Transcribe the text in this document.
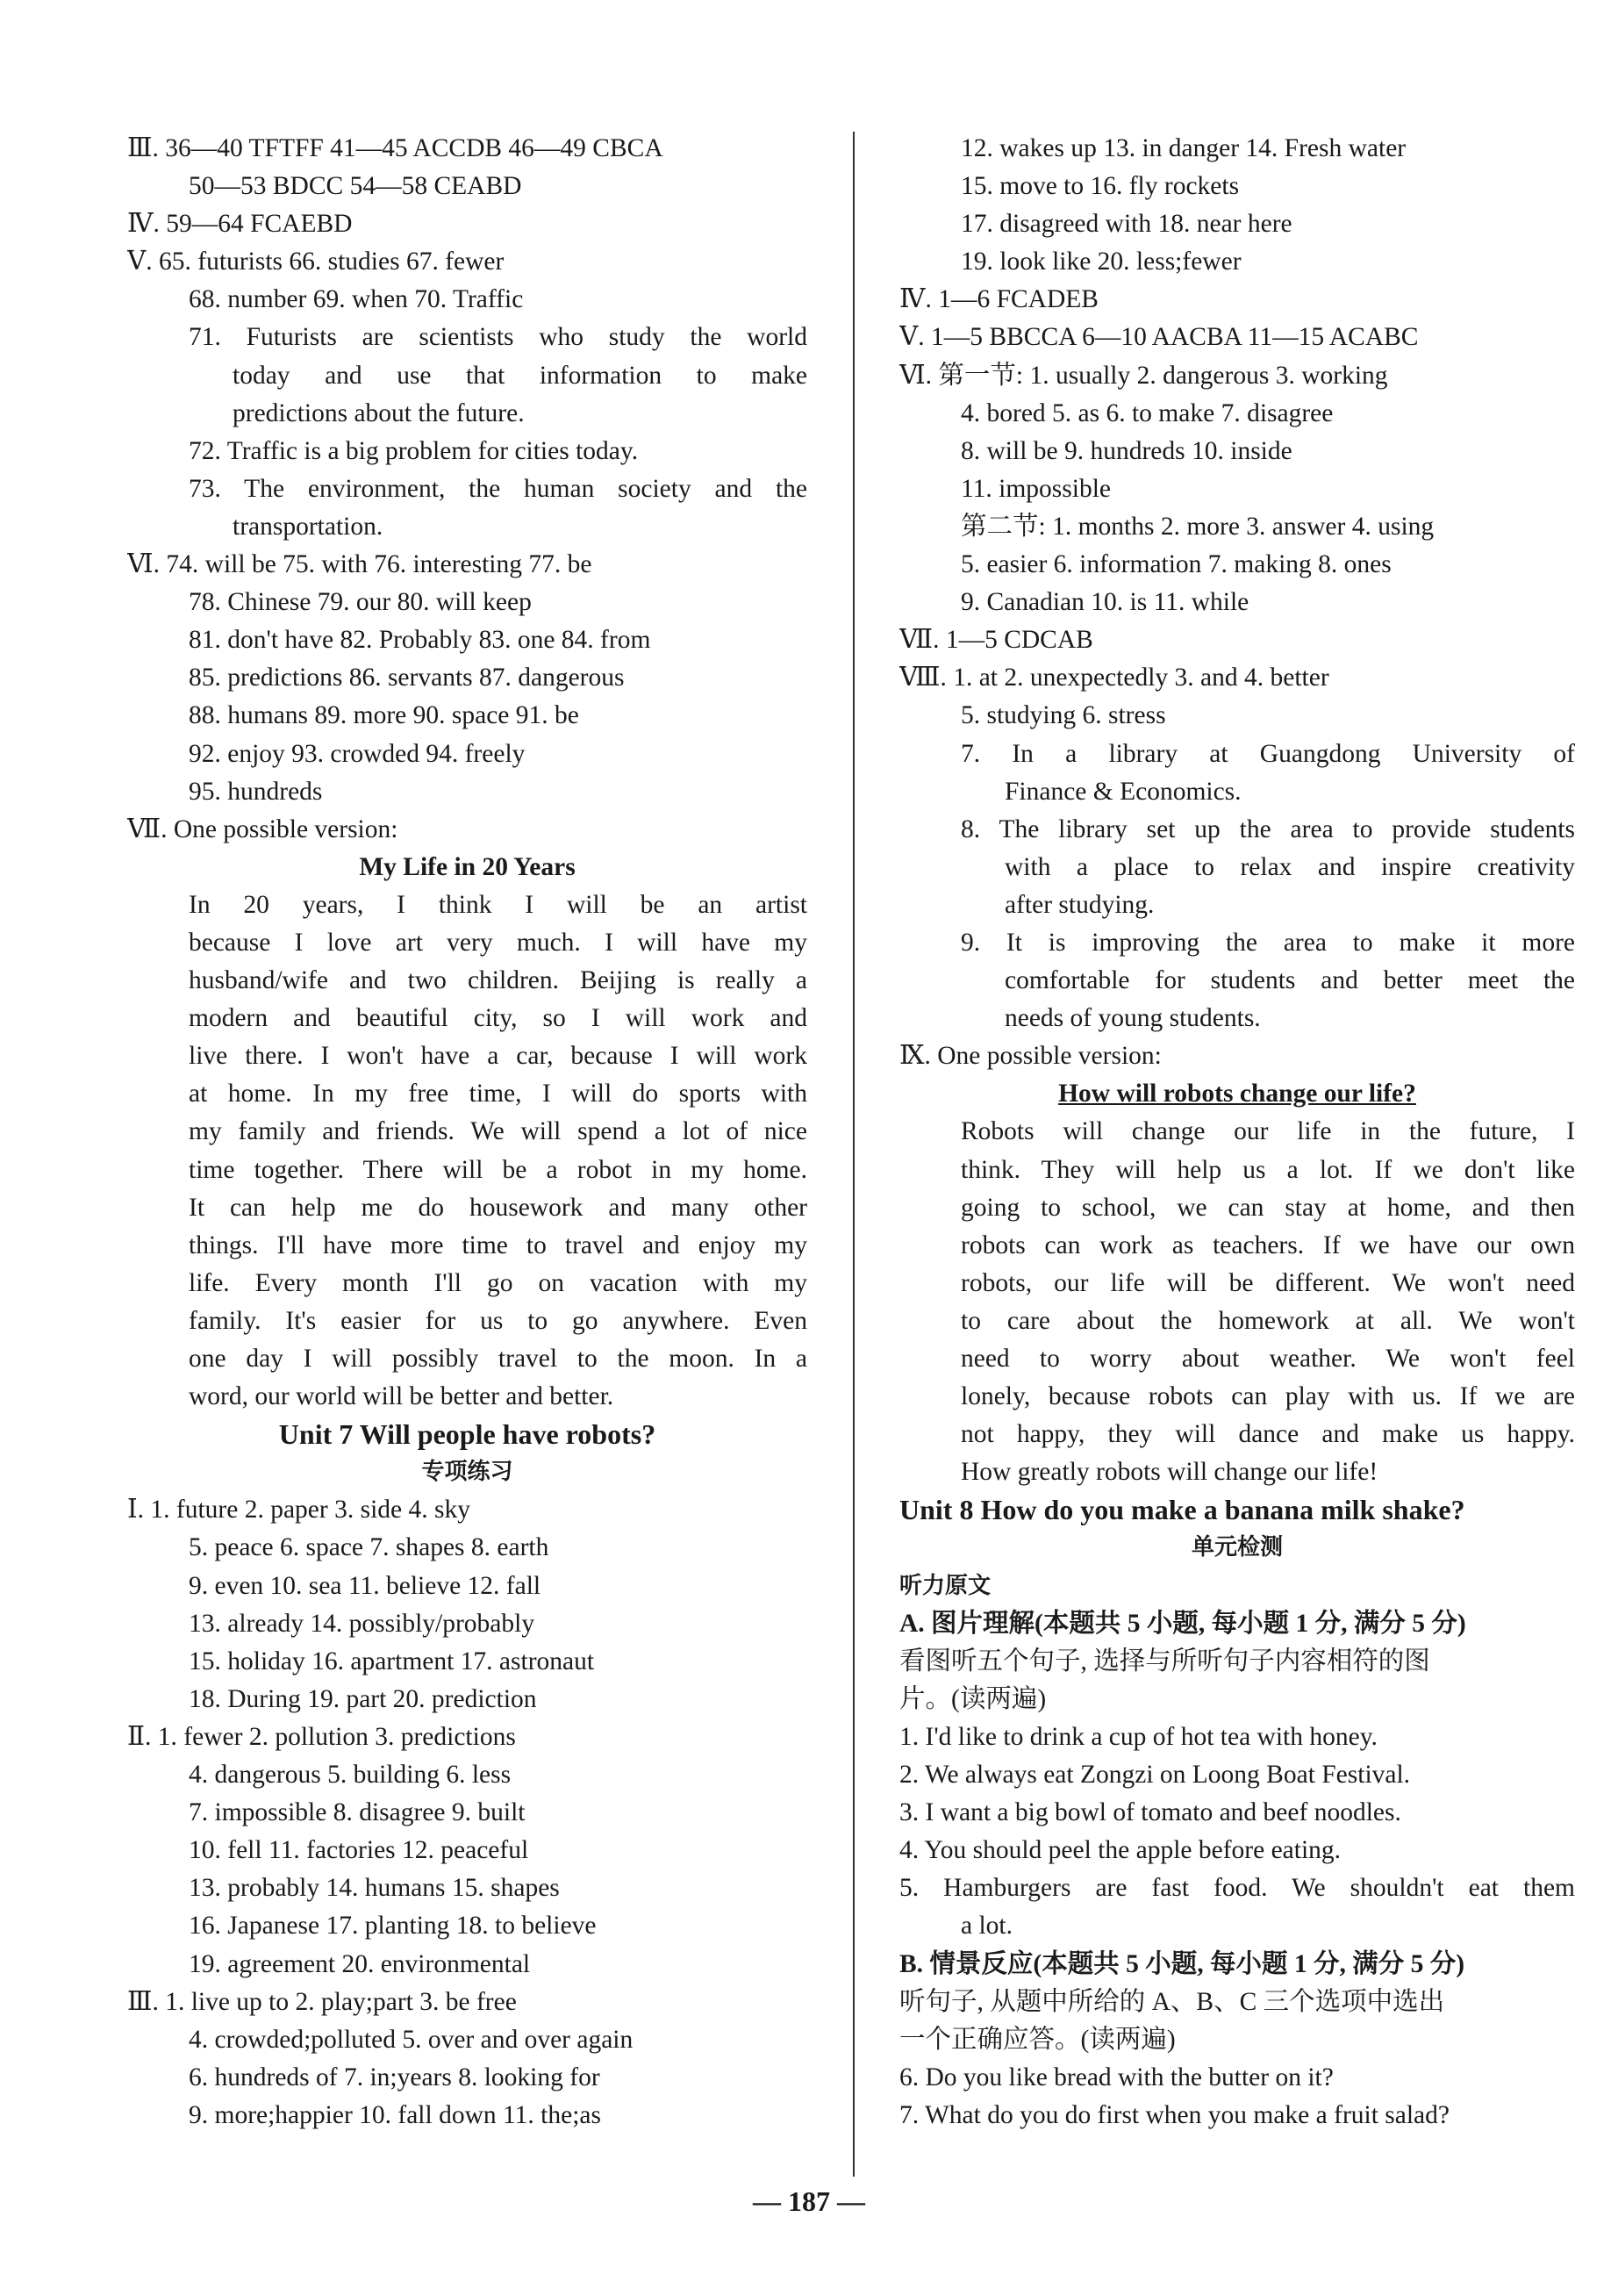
Ⅲ. 36—40 TFTFF 41—45 ACCDB 46—49 CBCA
50—53 BDCC 54—58 CEABD
Ⅳ. 59—64 FCAEBD
Ⅴ. 65. futurists 66. studies 67. fewer
68. number 69. when 70. Traffic
71. Futurists are scientists who study the world
today and use that information to make
predictions about the future.
72. Traffic is a big problem for cities today.
73. The environment, the human society and the
transportation.
Ⅵ. 74. will be 75. with 76. interesting 77. be
78. Chinese 79. our 80. will keep
81. don't have 82. Probably 83. one 84. from
85. predictions 86. servants 87. dangerous
88. humans 89. more 90. space 91. be
92. enjoy 93. crowded 94. freely
95. hundreds
Ⅶ. One possible version:
My Life in 20 Years
In 20 years, I think I will be an artist
because I love art very much. I will have my
husband/wife and two children. Beijing is really a
modern and beautiful city, so I will work and
live there. I won't have a car, because I will work
at home. In my free time, I will do sports with
my family and friends. We will spend a lot of nice
time together. There will be a robot in my home.
It can help me do housework and many other
things. I'll have more time to travel and enjoy my
life. Every month I'll go on vacation with my
family. It's easier for us to go anywhere. Even
one day I will possibly travel to the moon. In a
word, our world will be better and better.
Unit 7 Will people have robots?
专项练习
Ⅰ. 1. future 2. paper 3. side 4. sky
5. peace 6. space 7. shapes 8. earth
9. even 10. sea 11. believe 12. fall
13. already 14. possibly/probably
15. holiday 16. apartment 17. astronaut
18. During 19. part 20. prediction
Ⅱ. 1. fewer 2. pollution 3. predictions
4. dangerous 5. building 6. less
7. impossible 8. disagree 9. built
10. fell 11. factories 12. peaceful
13. probably 14. humans 15. shapes
16. Japanese 17. planting 18. to believe
19. agreement 20. environmental
Ⅲ. 1. live up to 2. play;part 3. be free
4. crowded;polluted 5. over and over again
6. hundreds of 7. in;years 8. looking for
9. more;happier 10. fall down 11. the;as
12. wakes up 13. in danger 14. Fresh water
15. move to 16. fly rockets
17. disagreed with 18. near here
19. look like 20. less;fewer
Ⅳ. 1—6 FCADEB
Ⅴ. 1—5 BBCCA 6—10 AACBA 11—15 ACABC
Ⅵ. 第一节: 1. usually 2. dangerous 3. working
4. bored 5. as 6. to make 7. disagree
8. will be 9. hundreds 10. inside
11. impossible
第二节: 1. months 2. more 3. answer 4. using
5. easier 6. information 7. making 8. ones
9. Canadian 10. is 11. while
Ⅶ. 1—5 CDCAB
Ⅷ. 1. at 2. unexpectedly 3. and 4. better
5. studying 6. stress
7. In a library at Guangdong University of
Finance & Economics.
8. The library set up the area to provide students
with a place to relax and inspire creativity
after studying.
9. It is improving the area to make it more
comfortable for students and better meet the
needs of young students.
Ⅸ. One possible version:
How will robots change our life?
Robots will change our life in the future, I
think. They will help us a lot. If we don't like
going to school, we can stay at home, and then
robots can work as teachers. If we have our own
robots, our life will be different. We won't need
to care about the homework at all. We won't
need to worry about weather. We won't feel
lonely, because robots can play with us. If we are
not happy, they will dance and make us happy.
How greatly robots will change our life!
Unit 8 How do you make a banana milk shake?
单元检测
听力原文
A. 图片理解(本题共 5 小题, 每小题 1 分, 满分 5 分)
看图听五个句子, 选择与所听句子内容相符的图
片。(读两遍)
1. I'd like to drink a cup of hot tea with honey.
2. We always eat Zongzi on Loong Boat Festival.
3. I want a big bowl of tomato and beef noodles.
4. You should peel the apple before eating.
5. Hamburgers are fast food. We shouldn't eat them
a lot.
B. 情景反应(本题共 5 小题, 每小题 1 分, 满分 5 分)
听句子, 从题中所给的 A、B、C 三个选项中选出
一个正确应答。(读两遍)
6. Do you like bread with the butter on it?
7. What do you do first when you make a fruit salad?
— 187 —
